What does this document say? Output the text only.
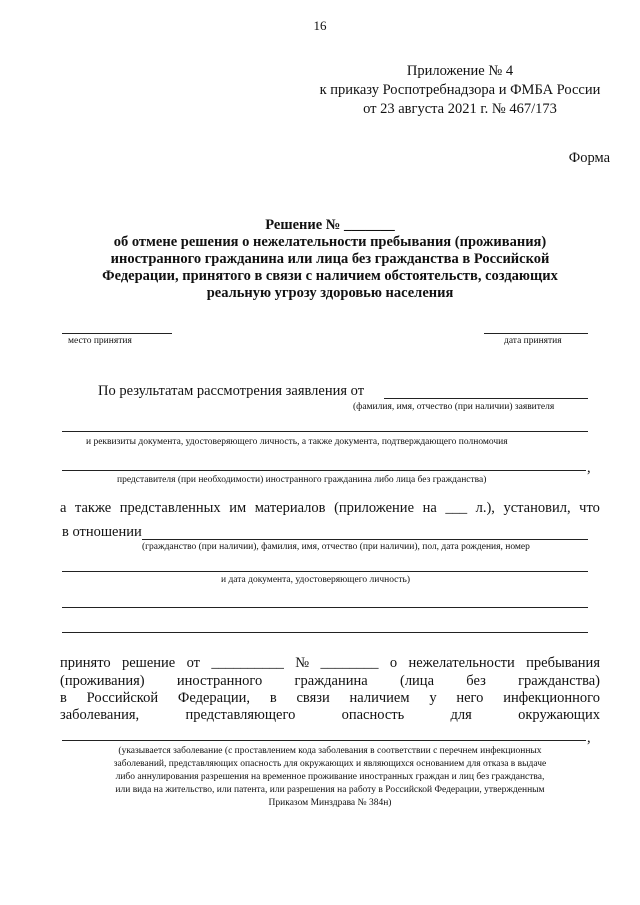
16
Приложение № 4
к приказу Роспотребнадзора и ФМБА России
от 23 августа 2021 г. № 467/173
Форма
Решение № _______
об отмене решения о нежелательности пребывания (проживания)
иностранного гражданина или лица без гражданства в Российской
Федерации, принятого в связи с наличием обстоятельств, создающих
реальную угрозу здоровью населения
место принятия	дата принятия
По результатам рассмотрения заявления от
(фамилия, имя, отчество (при наличии) заявителя
и реквизиты документа, удостоверяющего личность, а также документа, подтверждающего полномочия
,
представителя (при необходимости) иностранного гражданина либо лица без гражданства)
а также представленных им материалов (приложение на ___ л.), установил, что
в отношении
(гражданство (при наличии), фамилия, имя, отчество (при наличии), пол, дата рождения, номер
и дата документа, удостоверяющего личность)
принято решение от __________ № ________ о нежелательности пребывания
(проживания) иностранного гражданина (лица без гражданства)
в Российской Федерации, в связи наличием у него инфекционного
заболевания,	представляющего	опасность	для	окружающих
,
(указывается заболевание (с проставлением кода заболевания в соответствии с перечнем инфекционных
заболеваний, представляющих опасность для окружающих и являющихся основанием для отказа в выдаче
либо аннулирования разрешения на временное проживание иностранных граждан и лиц без гражданства,
или вида на жительство, или патента, или разрешения на работу в Российской Федерации, утвержденным
Приказом Минздрава № 384н)
